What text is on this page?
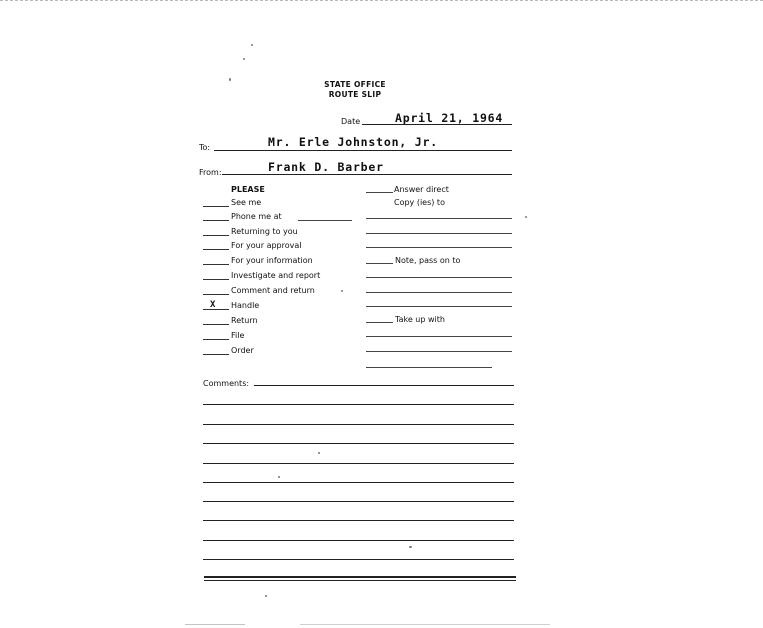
STATE OFFICE
ROUTE SLIP
Date	April 21, 1964
To:	Mr. Erle Johnston, Jr.
From:	Frank D. Barber
PLEASE
See me
Phone me at
Returning to you
For your approval
For your information
Investigate and report
Comment and return
X Handle
Return
File
Order
Answer direct
Copy (ies) to
Note, pass on to
Take up with
Comments:
